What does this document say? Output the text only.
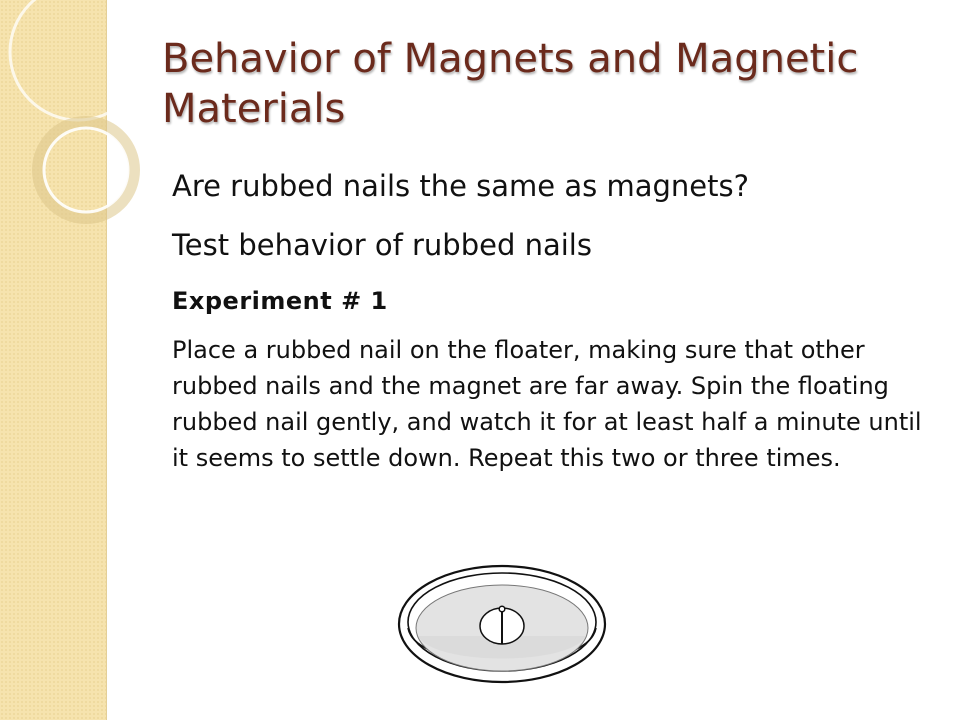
Behavior of Magnets and Magnetic Materials

Are rubbed nails the same as magnets?

Test behavior of rubbed nails

Experiment # 1

Place a rubbed nail on the floater, making sure that other rubbed nails and the magnet are far away. Spin the floating rubbed nail gently, and watch it for at least half a minute until it seems to settle down. Repeat this two or three times.
